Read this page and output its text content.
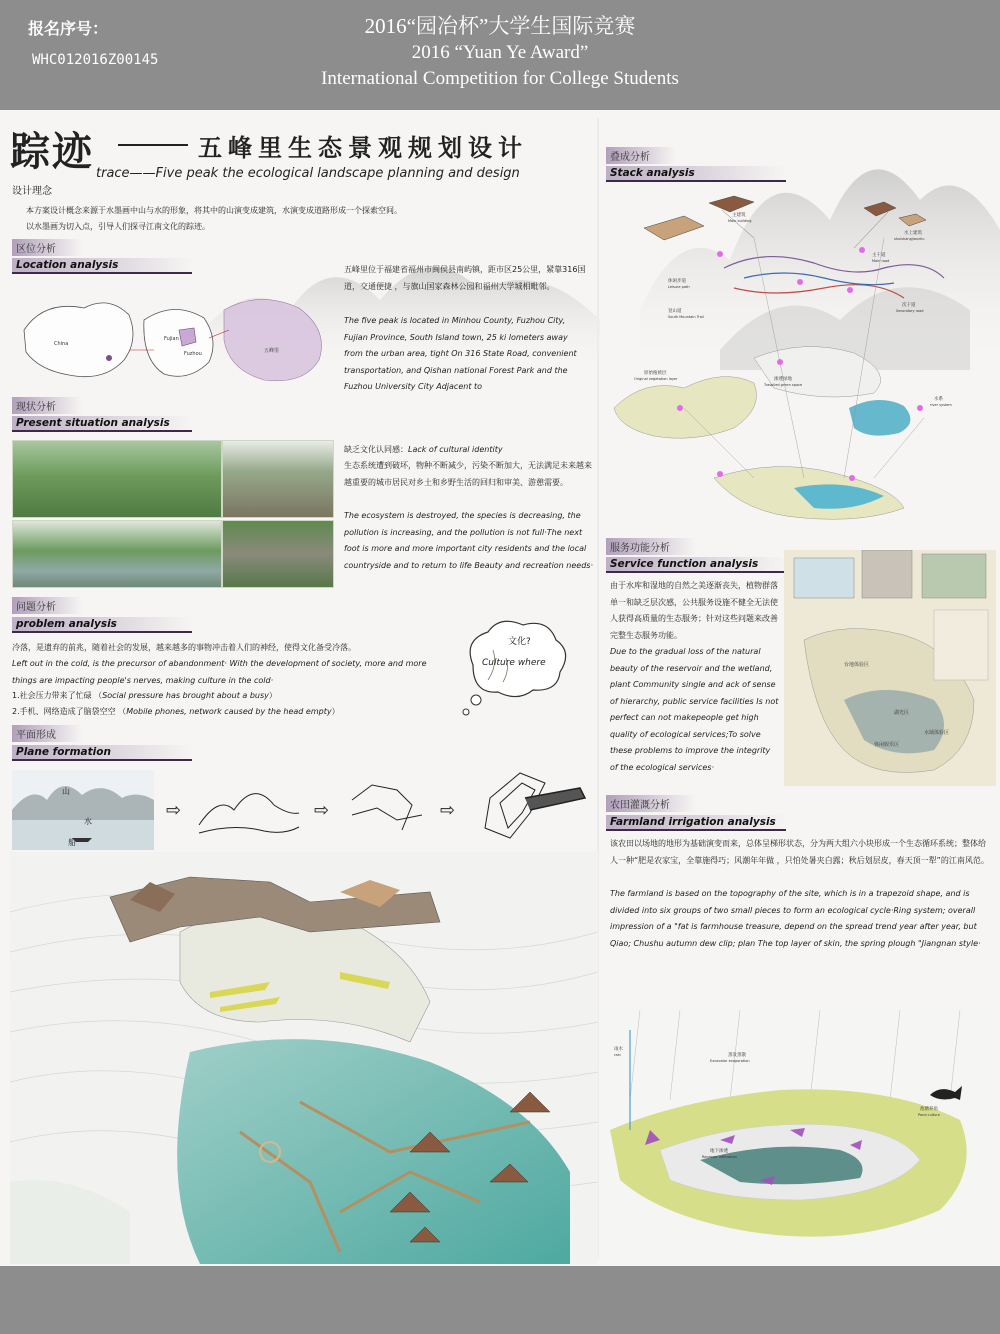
报名序号：
WHC012016Z00145
2016“园冶杯”大学生国际竞赛
2016 “Yuan Ye Award”
International Competition for College Students
踪迹	五峰里生态景观规划设计
trace——Five peak the ecological landscape planning and design
设计理念
本方案设计概念来源于水墨画中山与水的形象，将其中的山演变成建筑，水演变成道路形成一个探索空间。
以水墨画为切入点，引导人们探寻江南文化的踪迹。
区位分析
Location analysis
China
Fujian
Fuzhou	五峰里
五峰里位于福建省福州市闽侯县南屿镇，距市区25公里，紧靠316国道，交通便捷 ，与旗山国家森林公园和福州大学城相毗邻。
The five peak is located in Minhou County, Fuzhou City, Fujian Province, South Island town, 25 ki lometers away from the urban area, tight On 316 State Road, convenient transportation, and Qishan national Forest Park and the Fuzhou University City Adjacent to
现状分析
Present situation analysis
缺乏文化认同感：Lack of cultural identity
生态系统遭到破坏，物种不断减少，污染不断加大，无法满足未来越来越重要的城市居民对乡土和乡野生活的回归和审美、游憩需要。
The ecosystem is destroyed, the species is decreasing, the pollution is increasing, and the pollution is not full·The next foot is more and more important city residents and the local countryside and to return to life Beauty and recreation needs·
问题分析
problem analysis
冷落，是遗弃的前兆，随着社会的发展，越来越多的事物冲击着人们的神经，使得文化备受冷落。
Left out in the cold, is the precursor of abandonment· With the development of society, more and more things are impacting people's nerves, making culture in the cold·
1.社会压力带来了忙碌 （Social pressure has brought about a busy）
2.手机、网络造成了脑袋空空 （Mobile phones, network caused by the head empty）
文化?
Culture where
平面形成
Plane formation
山
水
船
⇨	⇨	⇨
叠成分析
Stack analysis
主建筑
Main building
水上建筑
shuishangjianzhu
休闲步道
Leisure path
主干道
Main road
登山道
South Mountain Trail
次干道
Secondary road
原始植被层
Original vegetation layer	渗透绿地
Traspiled green space
水系
river system
服务功能分析
Service function analysis
由于水库和湿地的自然之美逐渐丧失，植物群落单一和缺乏层次感，公共服务设施不健全无法使人获得高质量的生态服务；针对这些问题来改善完整生态服务功能。
Due to the gradual loss of the natural beauty of the reservoir and the wetland, plant Community single and ack of sense of hierarchy, public service facilities Is not perfect can not makepeople get high quality of ecological services;To solve these problems to improve the integrity of the ecological services·
台地体验区
湖光区
水域体验区
休闲娱乐区
农田灌溉分析
Farmland irrigation analysis
该农田以场地的地形为基础演变而来，总体呈梯形状态，分为两大组六小块形成一个生态循环系统；整体给人一种“肥是农家宝，全靠施得巧；风潮年年做 ，只怕处暑夹白露；秋后划层皮，春天顶一犁”的江南风范。
The farmland is based on the topography of the site, which is in a trapezoid shape, and is divided into six groups of two small pieces to form an ecological cycle·Ring system; overall impression of a "fat is farmhouse treasure, depend on the spread trend year after year, but Qiao; Chushu autumn dew clip; plan The top layer of skin, the spring plough "Jiangnan style·
蒸发蒸散
Excavator evaporation
雨水
rain
池塘养鱼
Pond culture
地下渗透
Recessor infiltration
